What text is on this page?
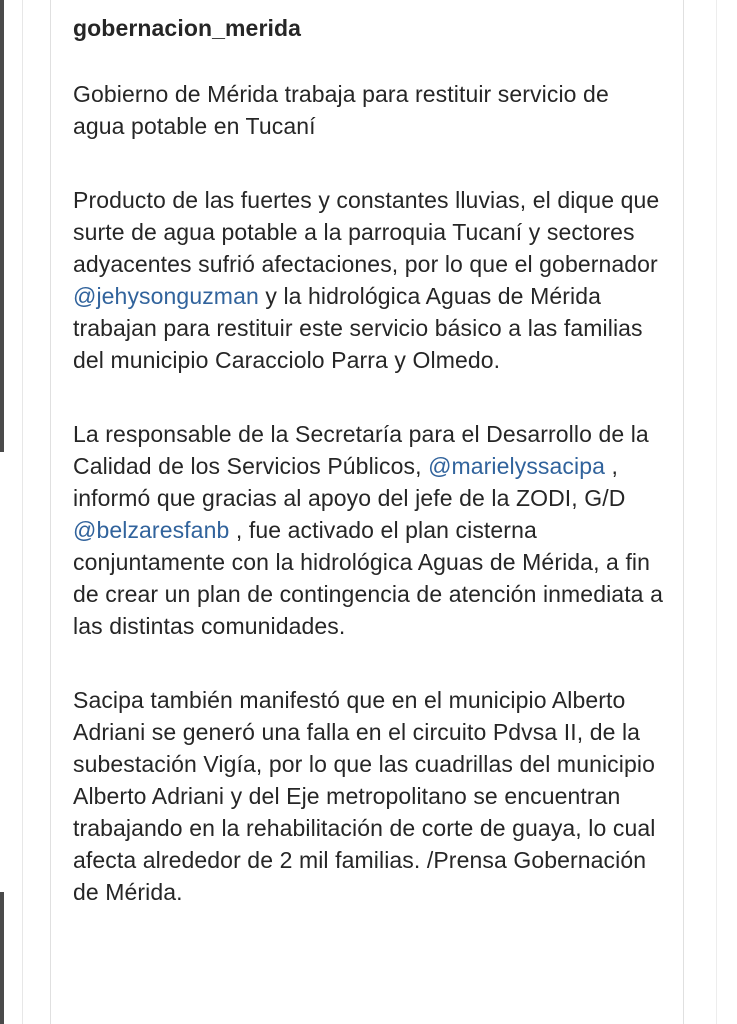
gobernacion_merida

Gobierno de Mérida trabaja para restituir servicio de agua potable en Tucaní

Producto de las fuertes y constantes lluvias, el dique que surte de agua potable a la parroquia Tucaní y sectores adyacentes sufrió afectaciones, por lo que el gobernador @jehysonguzman y la hidrológica Aguas de Mérida trabajan para restituir este servicio básico a las familias del municipio Caracciolo Parra y Olmedo.

La responsable de la Secretaría para el Desarrollo de la Calidad de los Servicios Públicos, @marielyssacipa , informó que gracias al apoyo del jefe de la ZODI, G/D @belzaresfanb , fue activado el plan cisterna conjuntamente con la hidrológica Aguas de Mérida, a fin de crear un plan de contingencia de atención inmediata a las distintas comunidades.

Sacipa también manifestó que en el municipio Alberto Adriani se generó una falla en el circuito Pdvsa II, de la subestación Vigía, por lo que las cuadrillas del municipio Alberto Adriani y del Eje metropolitano se encuentran trabajando en la rehabilitación de corte de guaya, lo cual afecta alrededor de 2 mil familias. /Prensa Gobernación de Mérida.
